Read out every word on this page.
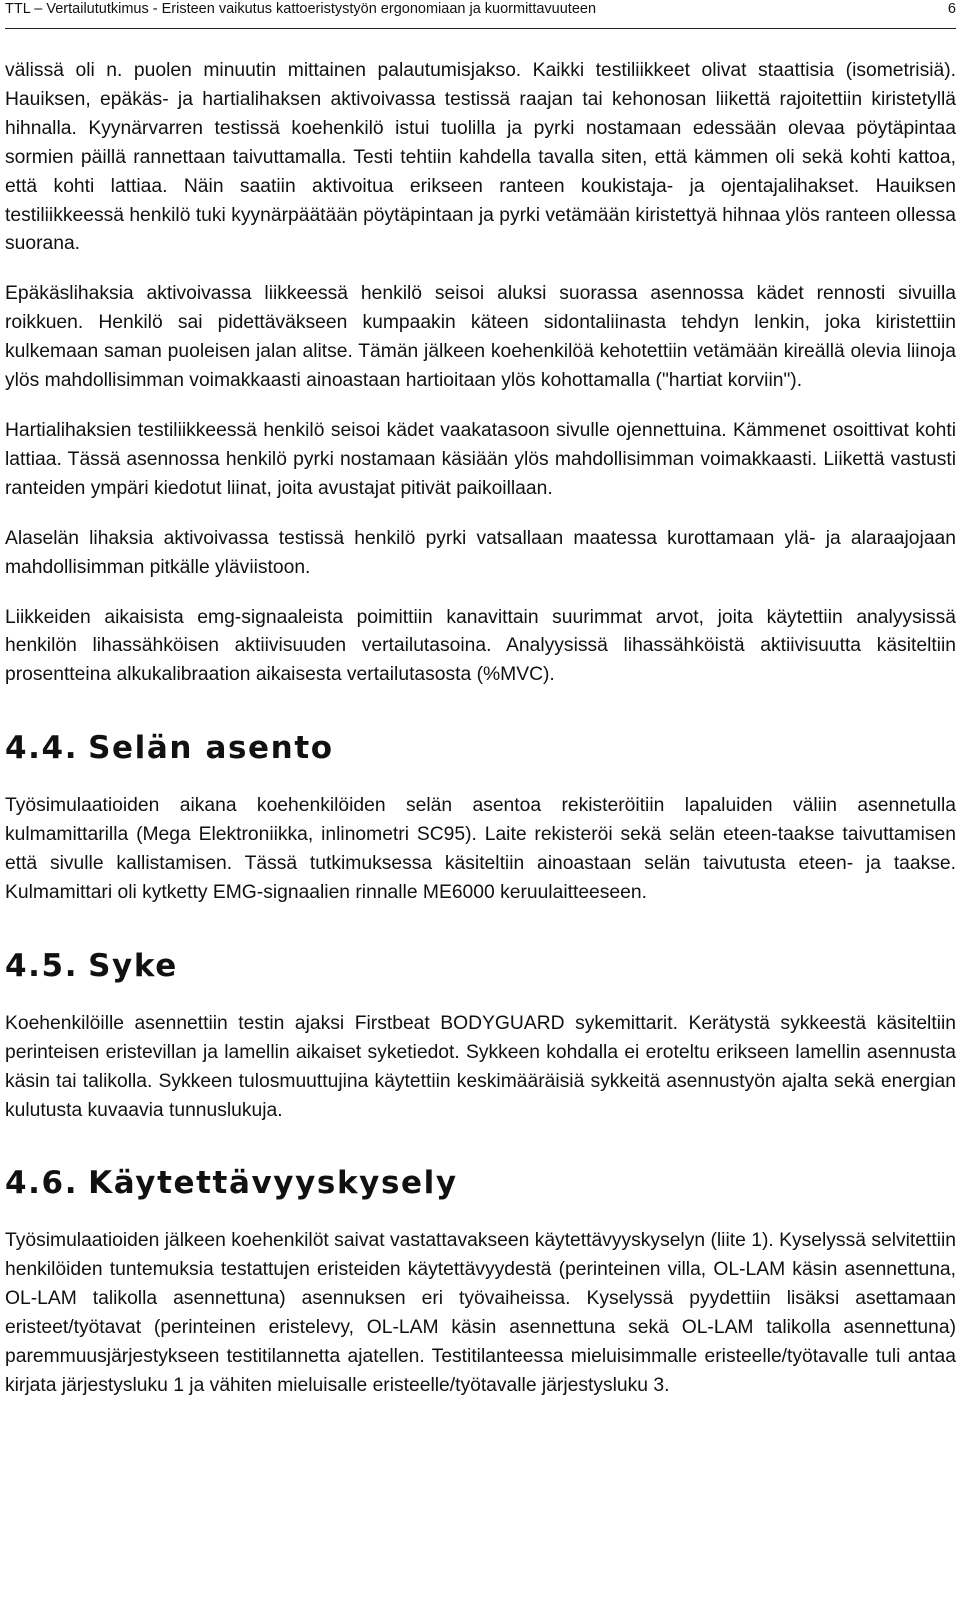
TTL – Vertailututkimus - Eristeen vaikutus kattoeristystyön ergonomiaan ja kuormittavuuteen	6

välissä oli n. puolen minuutin mittainen palautumisjakso. Kaikki testiliikkeet olivat staattisia (isometrisiä). Hauiksen, epäkäs- ja hartialihaksen aktivoivassa testissä raajan tai kehonosan liikettä rajoitettiin kiristetyllä hihnalla. Kyynärvarren testissä koehenkilö istui tuolilla ja pyrki nostamaan edessään olevaa pöytäpintaa sormien päillä rannettaan taivuttamalla. Testi tehtiin kahdella tavalla siten, että kämmen oli sekä kohti kattoa, että kohti lattiaa. Näin saatiin aktivoitua erikseen ranteen koukistaja- ja ojentajalihakset. Hauiksen testiliikkeessä henkilö tuki kyynärpäätään pöytäpintaan ja pyrki vetämään kiristettyä hihnaa ylös ranteen ollessa suorana.

Epäkäslihaksia aktivoivassa liikkeessä henkilö seisoi aluksi suorassa asennossa kädet rennosti sivuilla roikkuen. Henkilö sai pidettäväkseen kumpaakin käteen sidontaliinasta tehdyn lenkin, joka kiristettiin kulkemaan saman puoleisen jalan alitse. Tämän jälkeen koehenkilöä kehotettiin vetämään kireällä olevia liinoja ylös mahdollisimman voimakkaasti ainoastaan hartioitaan ylös kohottamalla ("hartiat korviin").

Hartialihaksien testiliikkeessä henkilö seisoi kädet vaakatasoon sivulle ojennettuina. Kämmenet osoittivat kohti lattiaa. Tässä asennossa henkilö pyrki nostamaan käsiään ylös mahdollisimman voimakkaasti. Liikettä vastusti ranteiden ympäri kiedotut liinat, joita avustajat pitivät paikoillaan.

Alaselän lihaksia aktivoivassa testissä henkilö pyrki vatsallaan maatessa kurottamaan ylä- ja alaraajojaan mahdollisimman pitkälle yläviistoon.

Liikkeiden aikaisista emg-signaaleista poimittiin kanavittain suurimmat arvot, joita käytettiin analyysissä henkilön lihassähköisen aktiivisuuden vertailutasoina. Analyysissä lihassähköistä aktiivisuutta käsiteltiin prosentteina alkukalibraation aikaisesta vertailutasosta (%MVC).

4.4. Selän asento

Työsimulaatioiden aikana koehenkilöiden selän asentoa rekisteröitiin lapaluiden väliin asennetulla kulmamittarilla (Mega Elektroniikka, inlinometri SC95). Laite rekisteröi sekä selän eteen-taakse taivuttamisen että sivulle kallistamisen. Tässä tutkimuksessa käsiteltiin ainoastaan selän taivutusta eteen- ja taakse. Kulmamittari oli kytketty EMG-signaalien rinnalle ME6000 keruulaitteeseen.

4.5. Syke

Koehenkilöille asennettiin testin ajaksi Firstbeat BODYGUARD sykemittarit. Kerätystä sykkeestä käsiteltiin perinteisen eristevillan ja lamellin aikaiset syketiedot. Sykkeen kohdalla ei eroteltu erikseen lamellin asennusta käsin tai talikolla. Sykkeen tulosmuuttujina käytettiin keskimääräisiä sykkeitä asennustyön ajalta sekä energian kulutusta kuvaavia tunnuslukuja.

4.6. Käytettävyyskysely

Työsimulaatioiden jälkeen koehenkilöt saivat vastattavakseen käytettävyyskyselyn (liite 1). Kyselyssä selvitettiin henkilöiden tuntemuksia testattujen eristeiden käytettävyydestä (perinteinen villa, OL-LAM käsin asennettuna, OL-LAM talikolla asennettuna) asennuksen eri työvaiheissa. Kyselyssä pyydettiin lisäksi asettamaan eristeet/työtavat (perinteinen eristelevy, OL-LAM käsin asennettuna sekä OL-LAM talikolla asennettuna) paremmuusjärjestykseen testitilannetta ajatellen. Testitilanteessa mieluisimmalle eristeelle/työtavalle tuli antaa kirjata järjestysluku 1 ja vähiten mieluisalle eristeelle/työtavalle järjestysluku 3.
